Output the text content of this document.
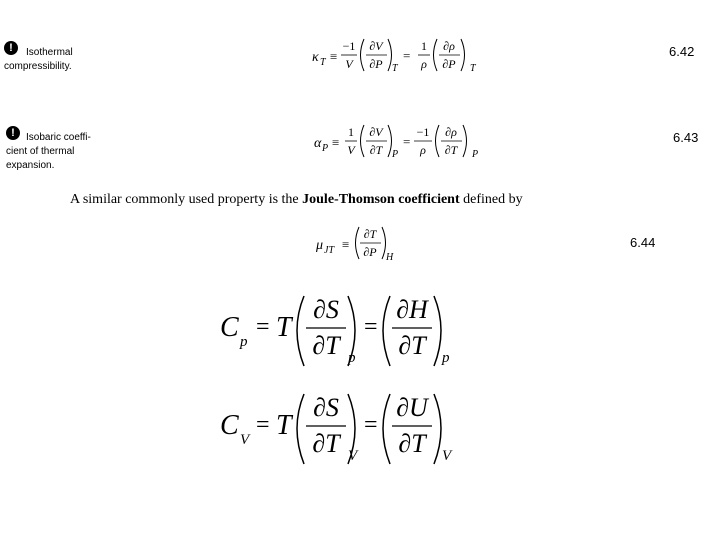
!	Isothermal
compressibility.
!	Isobaric coeffi-
cient of thermal
expansion.
6.42
6.43
6.44
A similar commonly used property is the Joule-Thomson coefficient defined by
κ T ≡
−1
V
∂V
∂P T
=
1
ρ
∂ρ
∂P T
α P ≡
1
V
∂V
∂T P
=
−1
ρ
∂ρ
∂T P
μ JT ≡
∂T
∂P H
C p
= T
∂S
∂T p
=
∂H
∂T p
C V
= T
∂S
∂T V
=
∂U
∂T V
